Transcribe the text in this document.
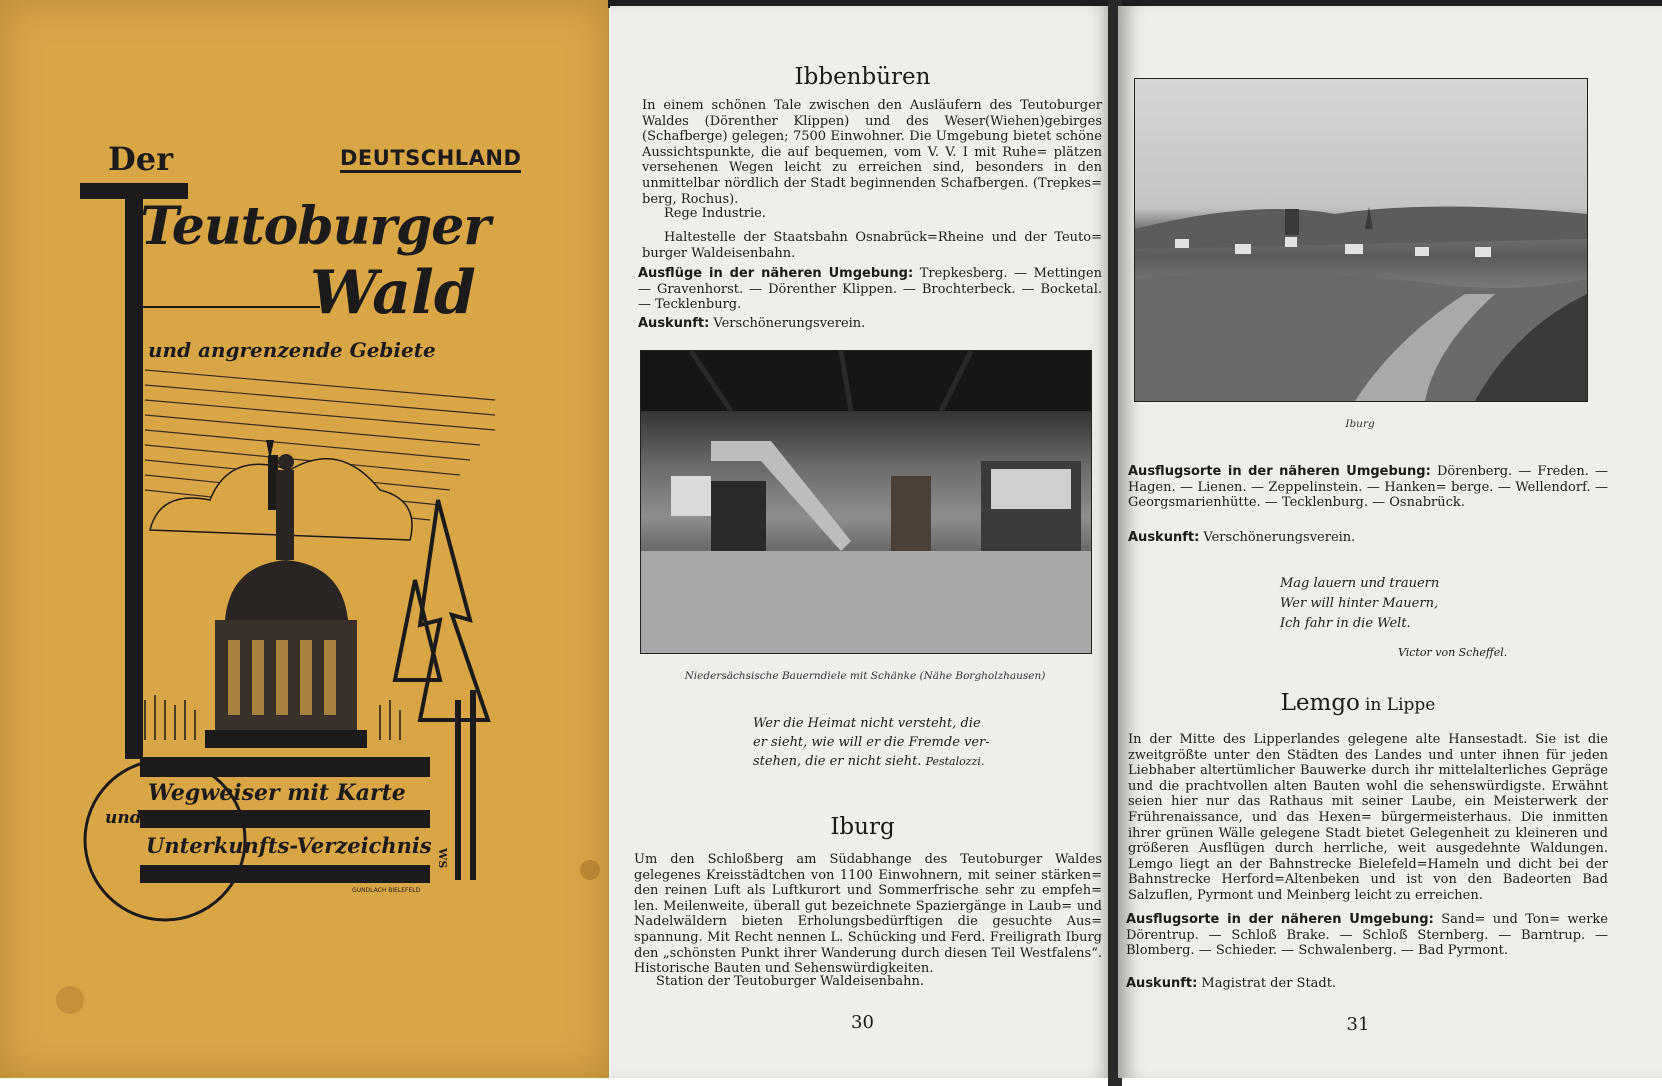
Der	DEUTSCHLAND
Teutoburger
Wald
und angrenzende Gebiete
Wegweiser mit Karte
und
Unterkunfts-Verzeichnis
WS
GUNDLACH BIELEFELD
Ibbenbüren
In einem schönen Tale zwischen den Ausläufern des Teutoburger Waldes (Dörenther Klippen) und des Weser(Wiehen)gebirges (Schafberge) gelegen; 7500 Einwohner. Die Umgebung bietet schöne Aussichtspunkte, die auf bequemen, vom V. V. I mit Ruhe= plätzen versehenen Wegen leicht zu erreichen sind, besonders in den unmittelbar nördlich der Stadt beginnenden Schafbergen. (Trepkes= berg, Rochus).
Rege Industrie.
Haltestelle der Staatsbahn Osnabrück=Rheine und der Teuto= burger Waldeisenbahn.
Ausflüge in der näheren Umgebung: Trepkesberg. — Mettingen — Gravenhorst. — Dörenther Klippen. — Brochterbeck. — Bocketal. — Tecklenburg.
Auskunft: Verschönerungsverein.
Niedersächsische Bauerndiele mit Schänke (Nähe Borgholzhausen)
Wer die Heimat nicht versteht, die er sieht, wie will er die Fremde ver- stehen, die er nicht sieht. Pestalozzi.
Iburg
Um den Schloßberg am Südabhange des Teutoburger Waldes gelegenes Kreisstädtchen von 1100 Einwohnern, mit seiner stärken= den reinen Luft als Luftkurort und Sommerfrische sehr zu empfeh= len. Meilenweite, überall gut bezeichnete Spaziergänge in Laub= und Nadelwäldern bieten Erholungsbedürftigen die gesuchte Aus= spannung. Mit Recht nennen L. Schücking und Ferd. Freiligrath Iburg den „schönsten Punkt ihrer Wanderung durch diesen Teil Westfalens“. Historische Bauten und Sehenswürdigkeiten.
Station der Teutoburger Waldeisenbahn.
30
Iburg
Ausflugsorte in der näheren Umgebung: Dörenberg. — Freden. — Hagen. — Lienen. — Zeppelinstein. — Hanken= berge. — Wellendorf. — Georgsmarienhütte. — Tecklenburg. — Osnabrück.
Auskunft: Verschönerungsverein.
Mag lauern und trauern
Wer will hinter Mauern,
Ich fahr in die Welt.
Victor von Scheffel.
Lemgo in Lippe
In der Mitte des Lipperlandes gelegene alte Hansestadt. Sie ist die zweitgrößte unter den Städten des Landes und unter ihnen für jeden Liebhaber altertümlicher Bauwerke durch ihr mittelalterliches Gepräge und die prachtvollen alten Bauten wohl die sehenswürdigste. Erwähnt seien hier nur das Rathaus mit seiner Laube, ein Meisterwerk der Frührenaissance, und das Hexen= bürgermeisterhaus. Die inmitten ihrer grünen Wälle gelegene Stadt bietet Gelegenheit zu kleineren und größeren Ausflügen durch herrliche, weit ausgedehnte Waldungen. Lemgo liegt an der Bahnstrecke Bielefeld=Hameln und dicht bei der Bahnstrecke Herford=Altenbeken und ist von den Badeorten Bad Salzuflen, Pyrmont und Meinberg leicht zu erreichen.
Ausflugsorte in der näheren Umgebung: Sand= und Ton= werke Dörentrup. — Schloß Brake. — Schloß Sternberg. — Barntrup. — Blomberg. — Schieder. — Schwalenberg. — Bad Pyrmont.
Auskunft: Magistrat der Stadt.
31
